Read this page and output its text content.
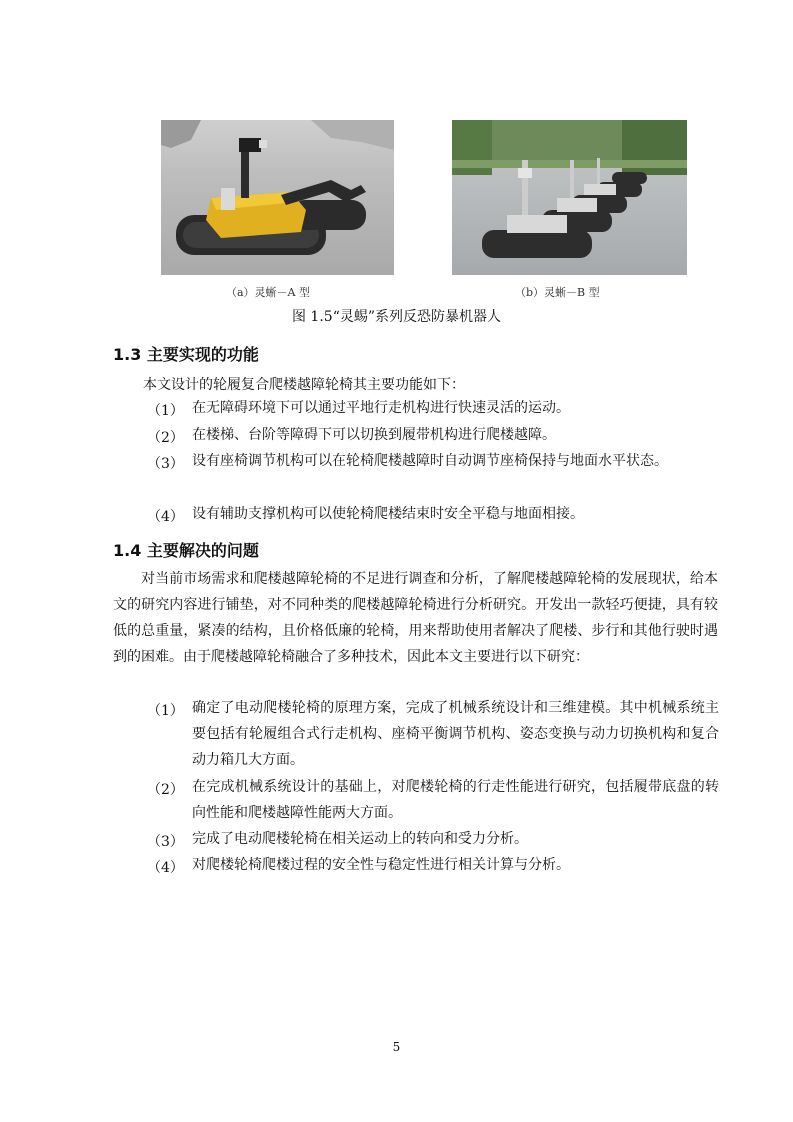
（a）灵蜥－A 型	（b）灵蜥－B 型
图 1.5“灵蜴”系列反恐防暴机器人
1.3 主要实现的功能
本文设计的轮履复合爬楼越障轮椅其主要功能如下：
（1） 在无障碍环境下可以通过平地行走机构进行快速灵活的运动。
（2） 在楼梯、台阶等障碍下可以切换到履带机构进行爬楼越障。
（3） 设有座椅调节机构可以在轮椅爬楼越障时自动调节座椅保持与地面水平状态。
（4） 设有辅助支撑机构可以使轮椅爬楼结束时安全平稳与地面相接。
1.4 主要解决的问题
对当前市场需求和爬楼越障轮椅的不足进行调查和分析，了解爬楼越障轮椅的发展现状，给本文的研究内容进行铺垫，对不同种类的爬楼越障轮椅进行分析研究。开发出一款轻巧便捷，具有较低的总重量，紧凑的结构，且价格低廉的轮椅，用来帮助使用者解决了爬楼、步行和其他行驶时遇到的困难。由于爬楼越障轮椅融合了多种技术，因此本文主要进行以下研究：
（1） 确定了电动爬楼轮椅的原理方案，完成了机械系统设计和三维建模。其中机械系统主要包括有轮履组合式行走机构、座椅平衡调节机构、姿态变换与动力切换机构和复合动力箱几大方面。
（2） 在完成机械系统设计的基础上，对爬楼轮椅的行走性能进行研究，包括履带底盘的转向性能和爬楼越障性能两大方面。
（3） 完成了电动爬楼轮椅在相关运动上的转向和受力分析。
（4） 对爬楼轮椅爬楼过程的安全性与稳定性进行相关计算与分析。
5
